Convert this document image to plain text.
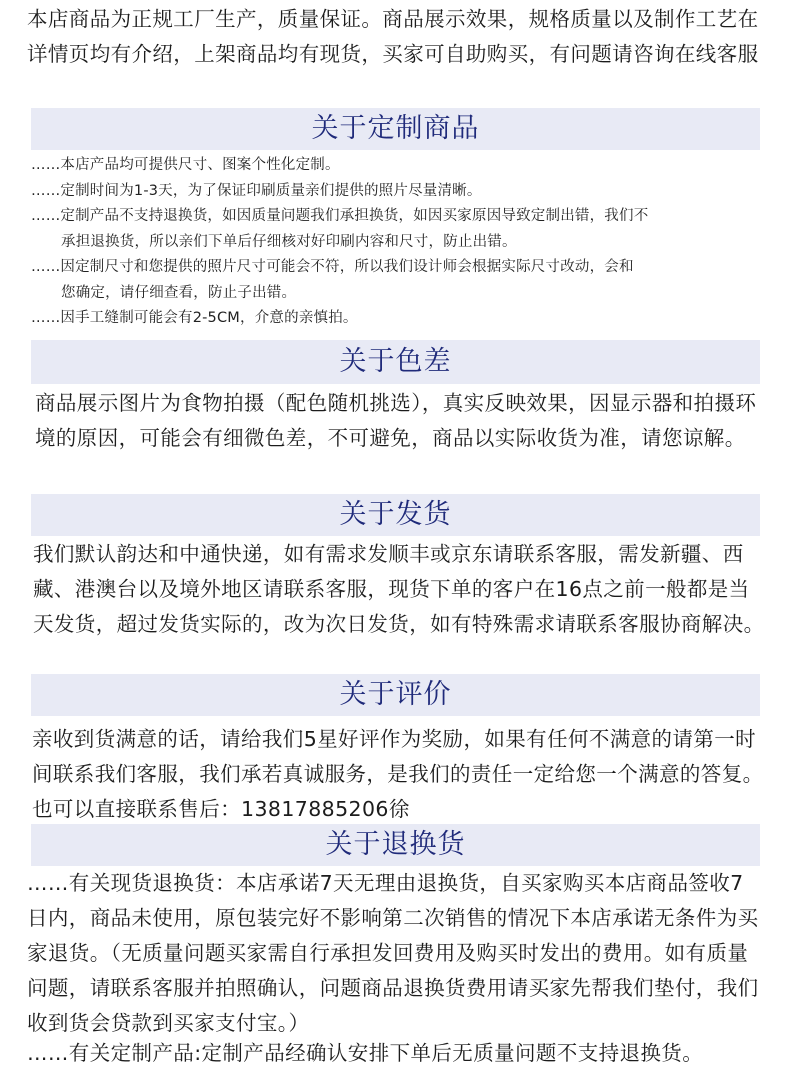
本店商品为正规工厂生产，质量保证。商品展示效果，规格质量以及制作工艺在详情页均有介绍，上架商品均有现货，买家可自助购买，有问题请咨询在线客服
关于定制商品
……本店产品均可提供尺寸、图案个性化定制。
……定制时间为1-3天，为了保证印刷质量亲们提供的照片尽量清晰。
……定制产品不支持退换货，如因质量问题我们承担换货，如因买家原因导致定制出错，我们不
承担退换货，所以亲们下单后仔细核对好印刷内容和尺寸，防止出错。
……因定制尺寸和您提供的照片尺寸可能会不符，所以我们设计师会根据实际尺寸改动，会和
您确定，请仔细查看，防止子出错。
……因手工缝制可能会有2-5CM，介意的亲慎拍。
关于色差
商品展示图片为食物拍摄（配色随机挑选），真实反映效果，因显示器和拍摄环境的原因，可能会有细微色差，不可避免，商品以实际收货为准，请您谅解。
关于发货
我们默认韵达和中通快递，如有需求发顺丰或京东请联系客服，需发新疆、西藏、港澳台以及境外地区请联系客服，现货下单的客户在16点之前一般都是当天发货，超过发货实际的，改为次日发货，如有特殊需求请联系客服协商解决。
关于评价
亲收到货满意的话，请给我们5星好评作为奖励，如果有任何不满意的请第一时间联系我们客服，我们承若真诚服务，是我们的责任一定给您一个满意的答复。也可以直接联系售后：13817885206徐
关于退换货
……有关现货退换货：本店承诺7天无理由退换货，自买家购买本店商品签收7日内，商品未使用，原包装完好不影响第二次销售的情况下本店承诺无条件为买家退货。（无质量问题买家需自行承担发回费用及购买时发出的费用。如有质量问题，请联系客服并拍照确认，问题商品退换货费用请买家先帮我们垫付，我们收到货会贷款到买家支付宝。）
……有关定制产品:定制产品经确认安排下单后无质量问题不支持退换货。
